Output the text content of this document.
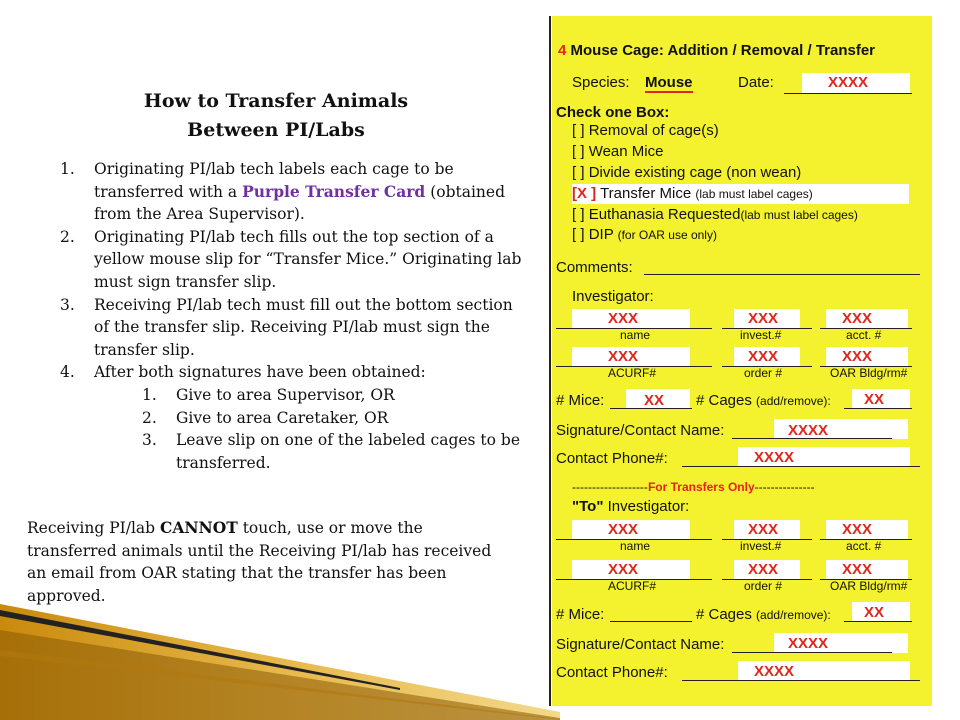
How to Transfer Animals
Between PI/Labs
1. Originating PI/lab tech labels each cage to be transferred with a Purple Transfer Card (obtained from the Area Supervisor).
2. Originating PI/lab tech fills out the top section of a yellow mouse slip for “Transfer Mice.” Originating lab must sign transfer slip.
3. Receiving PI/lab tech must fill out the bottom section of the transfer slip. Receiving PI/lab must sign the transfer slip.
4. After both signatures have been obtained:
1. Give to area Supervisor, OR
2. Give to area Caretaker, OR
3. Leave slip on one of the labeled cages to be transferred.
Receiving PI/lab CANNOT touch, use or move the transferred animals until the Receiving PI/lab has received an email from OAR stating that the transfer has been approved.
4 Mouse Cage: Addition / Removal / Transfer
Species: Mouse	Date:	XXXX
Check one Box:
[ ] Removal of cage(s)
[ ] Wean Mice
[ ] Divide existing cage (non wean)
[X ] Transfer Mice (lab must label cages)
[ ] Euthanasia Requested(lab must label cages)
[ ] DIP (for OAR use only)
Comments:
Investigator:
XXX	XXX	XXX
name	invest.#	acct. #
XXX	XXX	XXX
ACURF#	order #	OAR Bldg/rm#
# Mice:	XX # Cages (add/remove): XX
Signature/Contact Name:	XXXX
Contact Phone#:	XXXX
-------------------For Transfers Only---------------
"To" Investigator:
XXX	XXX	XXX
name	invest.#	acct. #
XXX	XXX	XXX
ACURF#	order #	OAR Bldg/rm#
# Mice:	# Cages (add/remove): XX
Signature/Contact Name:	XXXX
Contact Phone#:	XXXX
